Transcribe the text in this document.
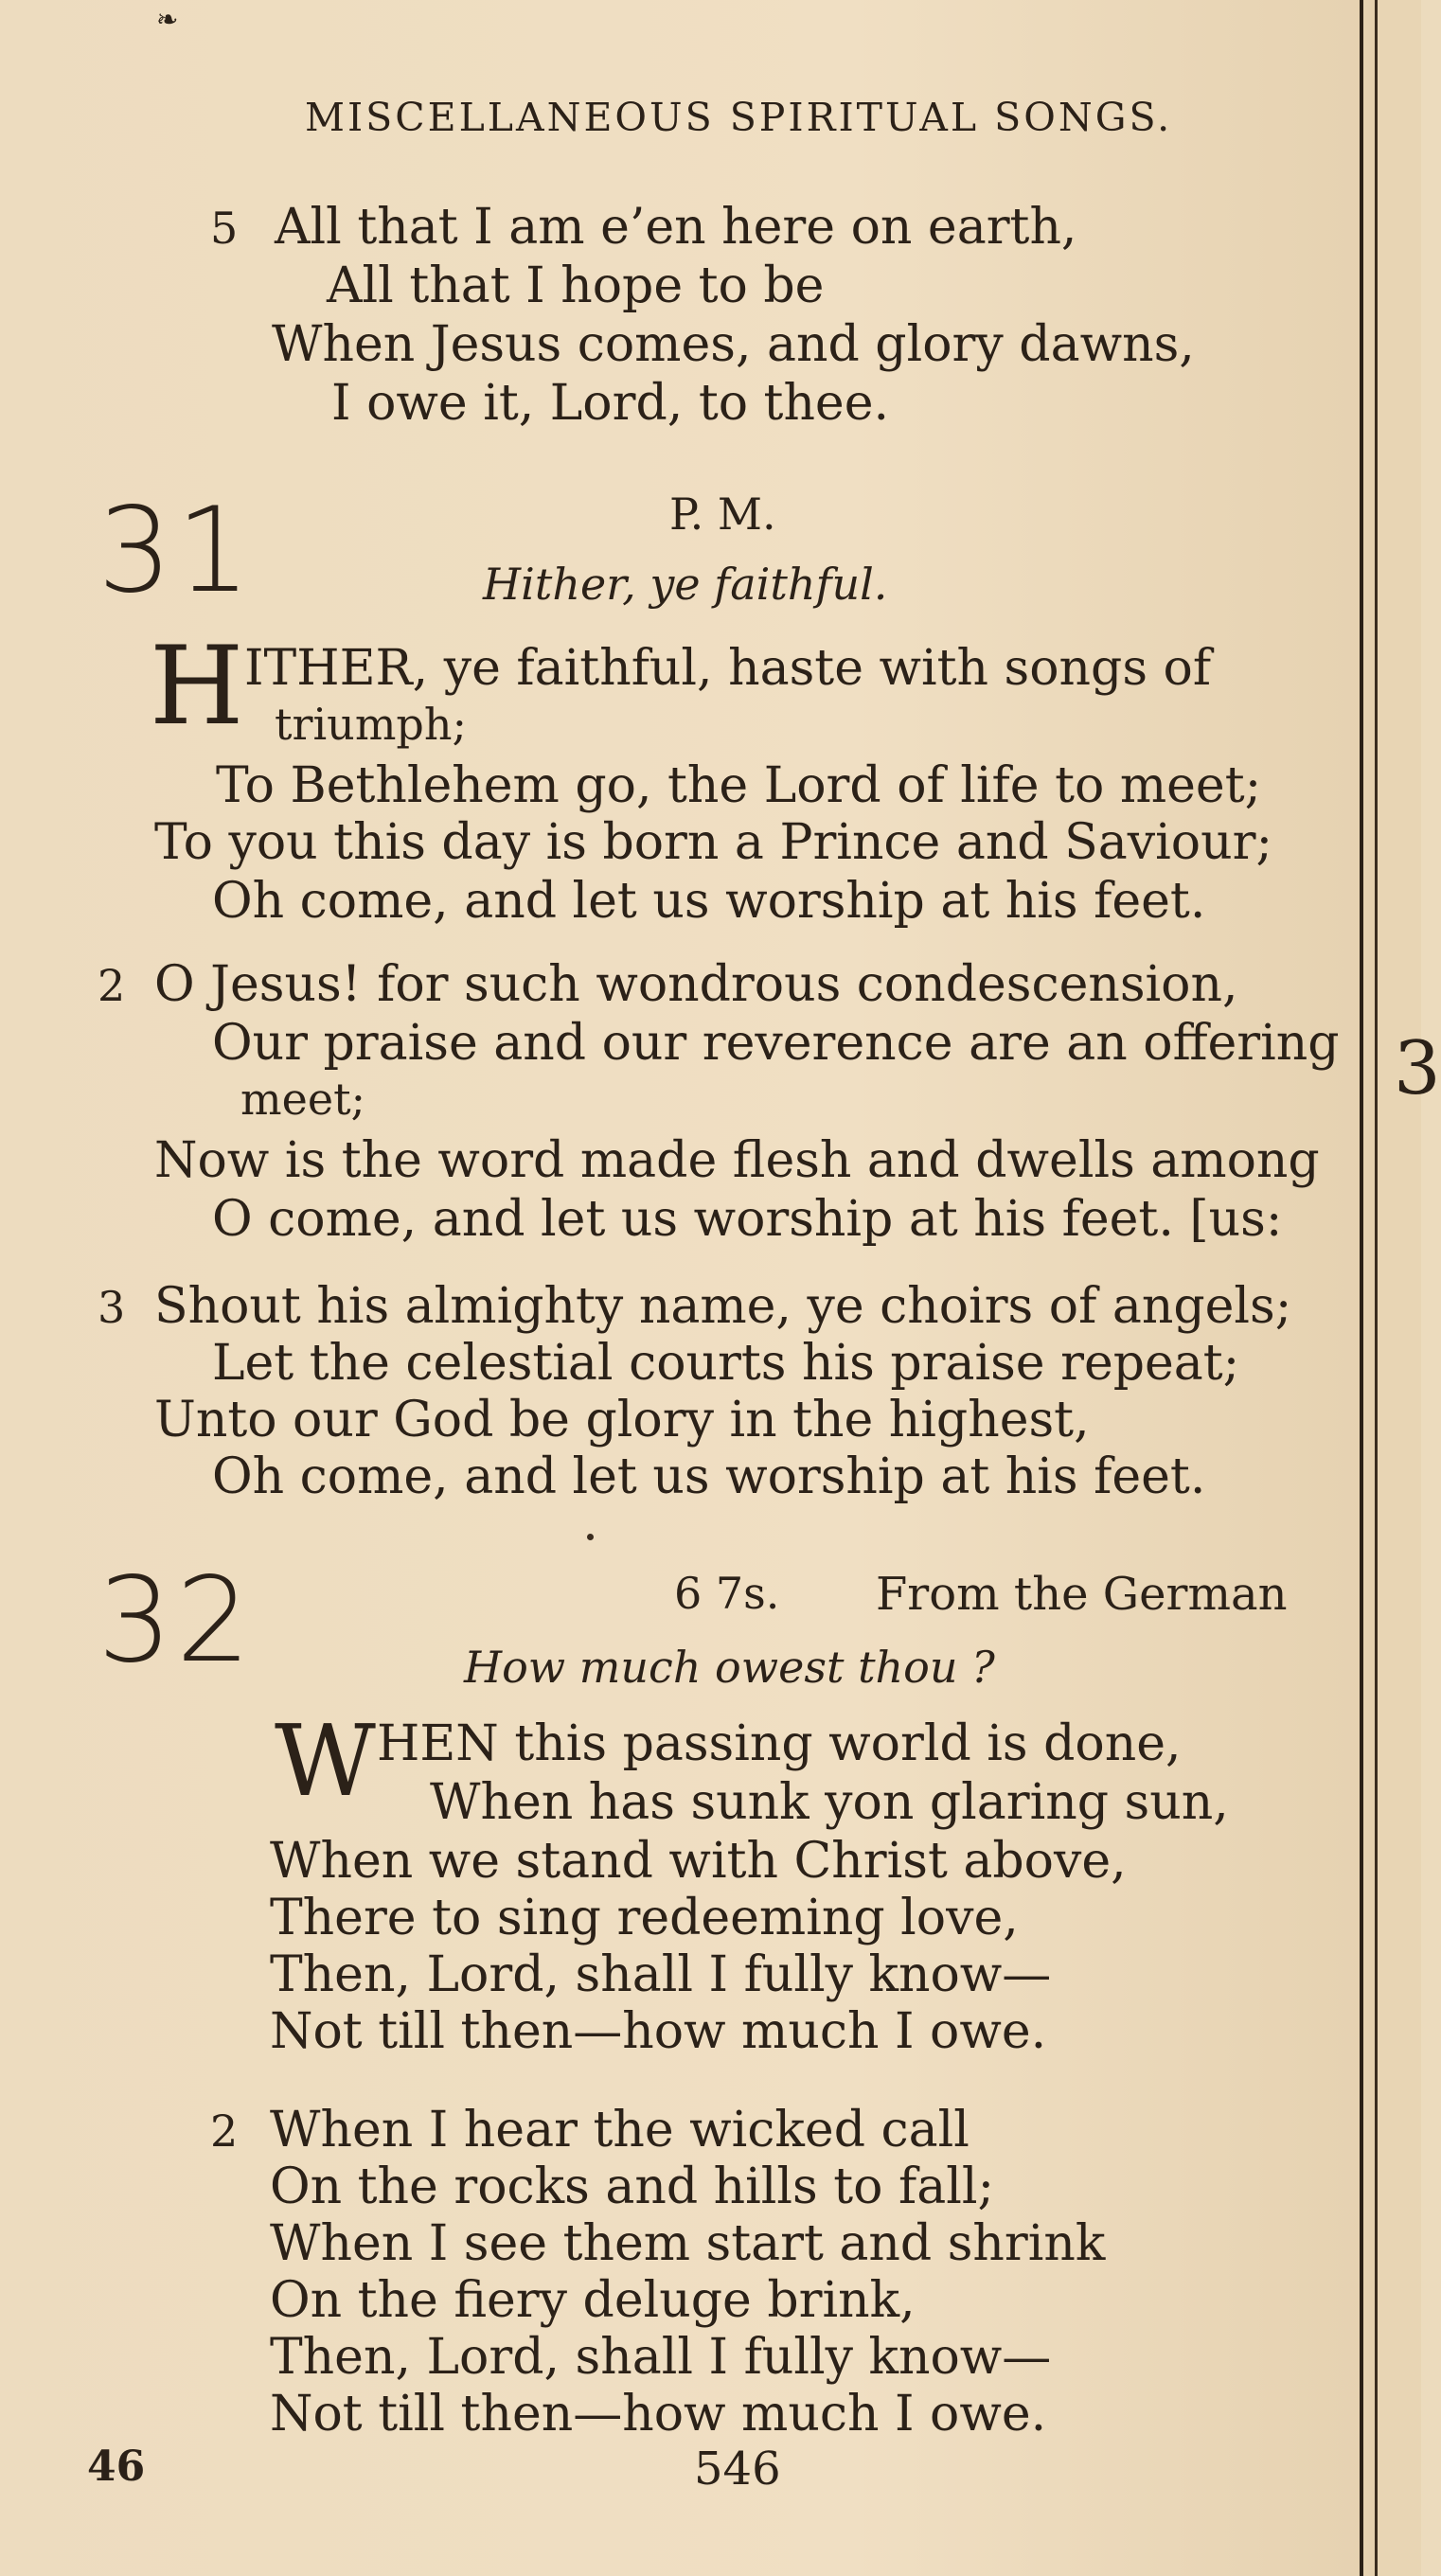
3
❧
MISCELLANEOUS SPIRITUAL SONGS.
5 All that I am e’en here on earth,
All that I hope to be
When Jesus comes, and glory dawns,
I owe it, Lord, to thee.
31	P. M.
Hither, ye faithful.
H ITHER, ye faithful, haste with songs of
triumph;
To Bethlehem go, the Lord of life to meet;
To you this day is born a Prince and Saviour;
Oh come, and let us worship at his feet.
2 O Jesus! for such wondrous condescension,
Our praise and our reverence are an offering
meet;
Now is the word made flesh and dwells among
O come, and let us worship at his feet. [us:
3 Shout his almighty name, ye choirs of angels;
Let the celestial courts his praise repeat;
Unto our God be glory in the highest,
Oh come, and let us worship at his feet.
32	6 7s. From the German
How much owest thou ?
W HEN this passing world is done,
When has sunk yon glaring sun,
When we stand with Christ above,
There to sing redeeming love,
Then, Lord, shall I fully know—
Not till then—how much I owe.
2 When I hear the wicked call
On the rocks and hills to fall;
When I see them start and shrink
On the fiery deluge brink,
Then, Lord, shall I fully know—
Not till then—how much I owe.
46	546
